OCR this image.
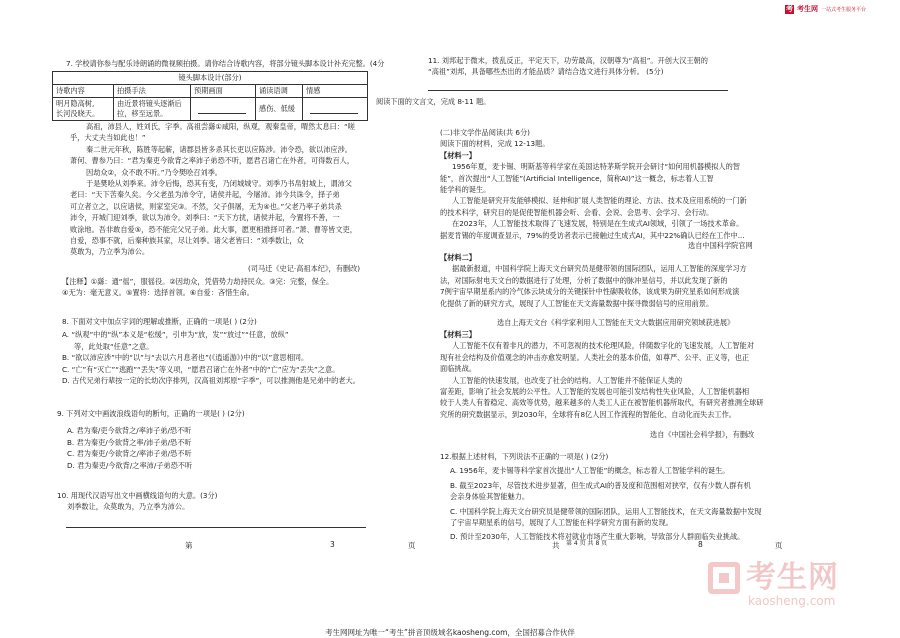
考 考生网 一站式考生服务平台
7. 学校请你参与配乐诗朗诵的微视频拍摄。请你结合诗歌内容，将部分镜头脚本设计补充完整。(4分
镜头脚本设计(部分)				
诗歌内容	拍摄手法	预期画面	诵读语调	情感

明月隐高树,
长河没晓天。	由近景将镜头逐渐后
拉，移至远景。		感伤、低缓	
高祖，沛县人，姓刘氏，字季。高祖尝繇①咸阳，纵观，观秦皇帝，喟然太息曰：“嗟
乎，大丈夫当如此也！”
秦二世元年秋，陈胜等起蕲，诸郡县皆多杀其长吏以应陈涉。沛令恐，欲以沛应涉。
萧何、曹参乃曰：“君为秦吏今欲背之率沛子弟恐不听，愿君召诸亡在外者，可得数百人，
因劫众②，众不敢不听。”乃令樊哙召刘季。
于是樊哙从刘季来。沛令后悔，恐其有变，乃闭城城守。刘季乃书帛射城上，谓沛父
老曰：“天下苦秦久矣。今父老虽为沛令守，诸侯并起，今屠沛。沛今共诛令，择子弟
可立者立之，以应诸侯，则家室完③。不然，父子俱屠，无为④也。”父老乃率子弟共杀
沛令，开城门迎刘季，欲以为沛令。刘季曰：“天下方扰，诸侯并起，今置将不善，一
败涂地。吾非敢自爱⑤，恐不能完父兄子弟。此大事，愿更相推择可者。”萧、曹等皆文吏，
自爱，恐事不就，后秦种族其家，尽让刘季。诸父老皆曰：“刘季数让，众
莫敢为，乃立季为沛公。
(司马迁《史记·高祖本纪》，有删改)
【注释】①繇：通“徭”，服徭役。②因劫众，凭借势力劫持民众。③完：完整，保全。
④无为：毫无意义。⑤置将：选择首领。⑥自爱：吝惜生命。
8. 下面对文中加点字词的理解或推断，正确的一项是( ) (2分)
A. “纵观”中的“纵”本义是“松缓”，引申为“放，发”“放过”“任意，放纵”
等，此处取“任意”之意。
B. “欲以沛应涉”中的“以”与“去以六月息者也”(《逍遥游》)中的“以”意思相同。
C. “亡”有“灭亡”“逃跑”“丢失”等义项，“愿君召诸亡在外者”中的“亡”应为“丢失”之意。
D. 古代兄弟行辈按一定的长幼次序排列，汉高祖刘邦原“字季”，可以推测他是兄弟中的老大。
9. 下列对文中画波浪线语句的断句，正确的一项是( ) (2分)
A. 君为秦/吏今欲背之/率沛子弟/恐不听
B. 君为秦吏/今欲背之率/沛子弟/恐不听
C. 君为秦吏/今欲背之/率沛子弟/恐不听
D. 君为秦吏/今欲背/之率沛/子弟恐不听
10. 用现代汉语写出文中画横线语句的大意。(3分)
刘季数让，众莫敢为，乃立季为沛公。
第	3	页	共 第 4 页 共 8 页
11. 刘邦起于微末，拨乱反正，平定天下，功劳最高，汉朝尊为“高祖”。开创大汉王朝的
“高祖”刘邦，具备哪些杰出的才能品质？请结合选文进行具体分析。 (5分)
阅读下面的文言文，完成 8-11 题。
(二)非文学作品阅读(共 6分)
阅读下面的材料，完成 12-13题。
【材料一】
1956年夏，麦卡锡、明斯基等科学家在美国达特茅斯学院开会研讨“如何用机器模拟人的智
能”，首次提出“人工智能”(Artificial Intelligence，简称AI)”这一概念，标志着人工智
能学科的诞生。
人工智能是研究开发能够模拟、延伸和扩展人类智能的理论、方法、技术及应用系统的一门新
的技术科学，研究目的是促使智能机器会听、会看、会说、会思考、会学习、会行动。
在2023年，人工智能技术取得了飞速发展，特别是在生成式AI领域，引领了一场技术革命。
据麦肯锡的年度调查显示，79%的受访者表示已接触过生成式AI，其中22%确认已经在工作中...
选自中国科学院官网
【材料二】
据最新报道，中国科学院上海天文台研究员是健带领的国际团队，运用人工智能的深度学习方
法，对国际射电天文台的数据进行了处理，分析了数据中的脉冲星信号，并以此发现了新的
7例宇宙早期星系内的冷气体云块成分的关键探针中性碳吸收体，该成果为研究星系如何形成演
化提供了新的研究方式，展现了人工智能在天文海量数据中探寻微弱信号的应用前景。
选自上海天文台《科学家利用人工智能在天文大数据应用研究领域获进展》
【材料三】
人工智能不仅有着非凡的潜力，不可忽视的技术伦理风险，伴随数字化的飞速发展，人工智能对
现有社会结构及价值观念的冲击亦愈发明显。人类社会的基本价值，如尊严、公平、正义等，也正
面临挑战。
人工智能的快速发展，也改变了社会的结构。人工智能并不能保证人类的
富差距，影响了社会发展的公平性。人工智能的发展也可能引发结构性失业风险，人工智能机器相
较于人类人有着稳定、高效等优势，越来越多的人类工人正在被智能机器所取代，有研究者推测全球研
究所的研究数据显示，到2030年，全球将有8亿人因工作流程的智能化、自动化而失去工作。
选自《中国社会科学报》，有删改
12.根据上述材料，下列说法不正确的一项是( ) (2分)
A. 1956年，麦卡锡等科学家首次提出“人工智能”的概念，标志着人工智能学科的诞生。
B. 截至2023年，尽管技术进步显著，但生成式AI的普及度和范围相对狭窄，仅有少数人群有机
会亲身体验其智能魅力。
C. 中国科学院上海天文台研究员是健带领的国际团队，运用人工智能技术，在天文海量数据中发现
了宇宙早期星系的信号，展现了人工智能在科学研究方面有新的发现。
D. 预计至2030年，人工智能技术将对就业市场产生重大影响，导致部分人群面临失业挑战。
8	页
考生网
kaosheng.com
考生网网址为唯一“考生”拼音顶级域名kaosheng.com，全国招募合作伙伴
